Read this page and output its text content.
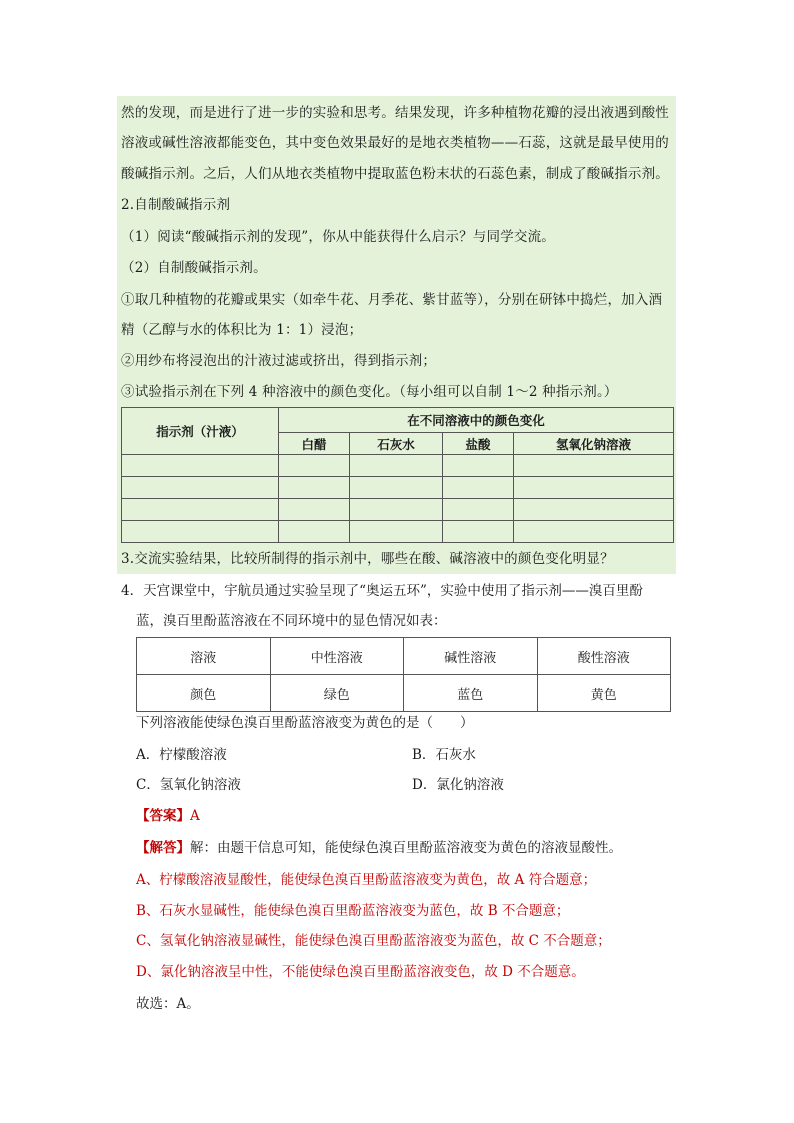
然的发现，而是进行了进一步的实验和思考。结果发现，许多种植物花瓣的浸出液遇到酸性
溶液或碱性溶液都能变色，其中变色效果最好的是地衣类植物——石蕊，这就是最早使用的
酸碱指示剂。之后，人们从地衣类植物中提取蓝色粉末状的石蕊色素，制成了酸碱指示剂。
2.自制酸碱指示剂
（1）阅读“酸碱指示剂的发现”，你从中能获得什么启示？与同学交流。
（2）自制酸碱指示剂。
①取几种植物的花瓣或果实（如牵牛花、月季花、紫甘蓝等），分别在研钵中捣烂，加入酒
精（乙醇与水的体积比为 1：1）浸泡；
②用纱布将浸泡出的汁液过滤或挤出，得到指示剂；
③试验指示剂在下列 4 种溶液中的颜色变化。（每小组可以自制 1～2 种指示剂。）
指示剂（汁液）	在不同溶液中的颜色变化			
	白醋	石灰水	盐酸	氢氧化钠溶液

3.交流实验结果，比较所制得的指示剂中，哪些在酸、碱溶液中的颜色变化明显？
4．天宫课堂中，宇航员通过实验呈现了“奥运五环”，实验中使用了指示剂——溴百里酚
蓝，溴百里酚蓝溶液在不同环境中的显色情况如表：
溶液	中性溶液	碱性溶液	酸性溶液
颜色	绿色	蓝色	黄色
下列溶液能使绿色溴百里酚蓝溶液变为黄色的是（　　）
A．柠檬酸溶液	B．石灰水
C．氢氧化钠溶液	D．氯化钠溶液
【答案】A
【解答】解：由题干信息可知，能使绿色溴百里酚蓝溶液变为黄色的溶液显酸性。
A、柠檬酸溶液显酸性，能使绿色溴百里酚蓝溶液变为黄色，故 A 符合题意；
B、石灰水显碱性，能使绿色溴百里酚蓝溶液变为蓝色，故 B 不合题意；
C、氢氧化钠溶液显碱性，能使绿色溴百里酚蓝溶液变为蓝色，故 C 不合题意；
D、氯化钠溶液呈中性，不能使绿色溴百里酚蓝溶液变色，故 D 不合题意。
故选：A。
